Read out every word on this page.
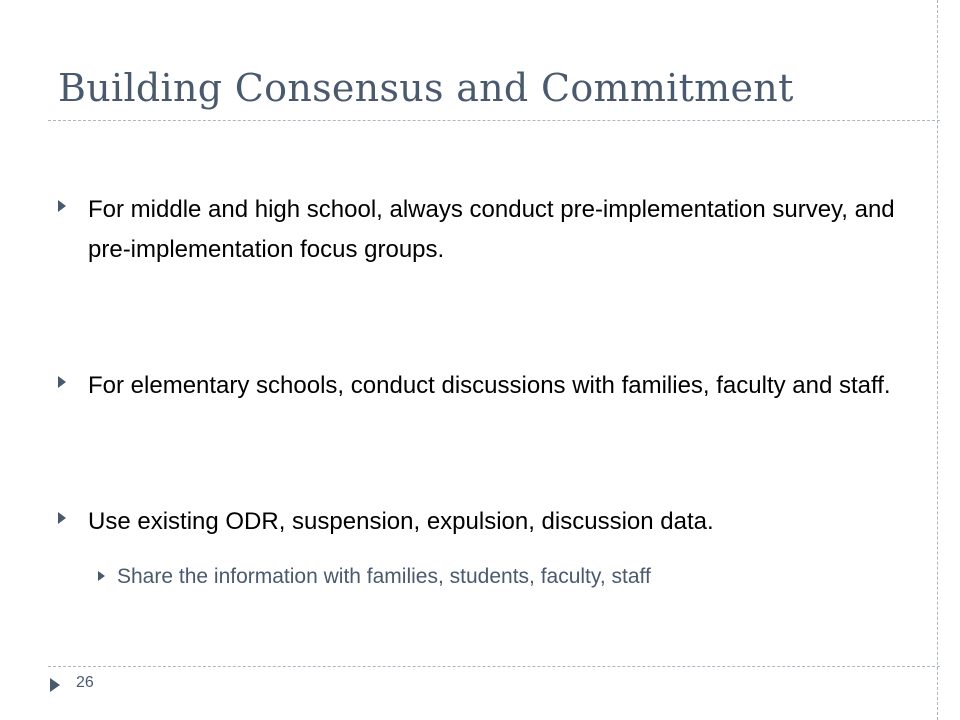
Building Consensus and Commitment
For middle and high school, always conduct pre-implementation survey, and pre-implementation focus groups.
For elementary schools, conduct discussions with families, faculty and staff.
Use existing ODR, suspension, expulsion, discussion data.
Share the information with families, students, faculty, staff
26
